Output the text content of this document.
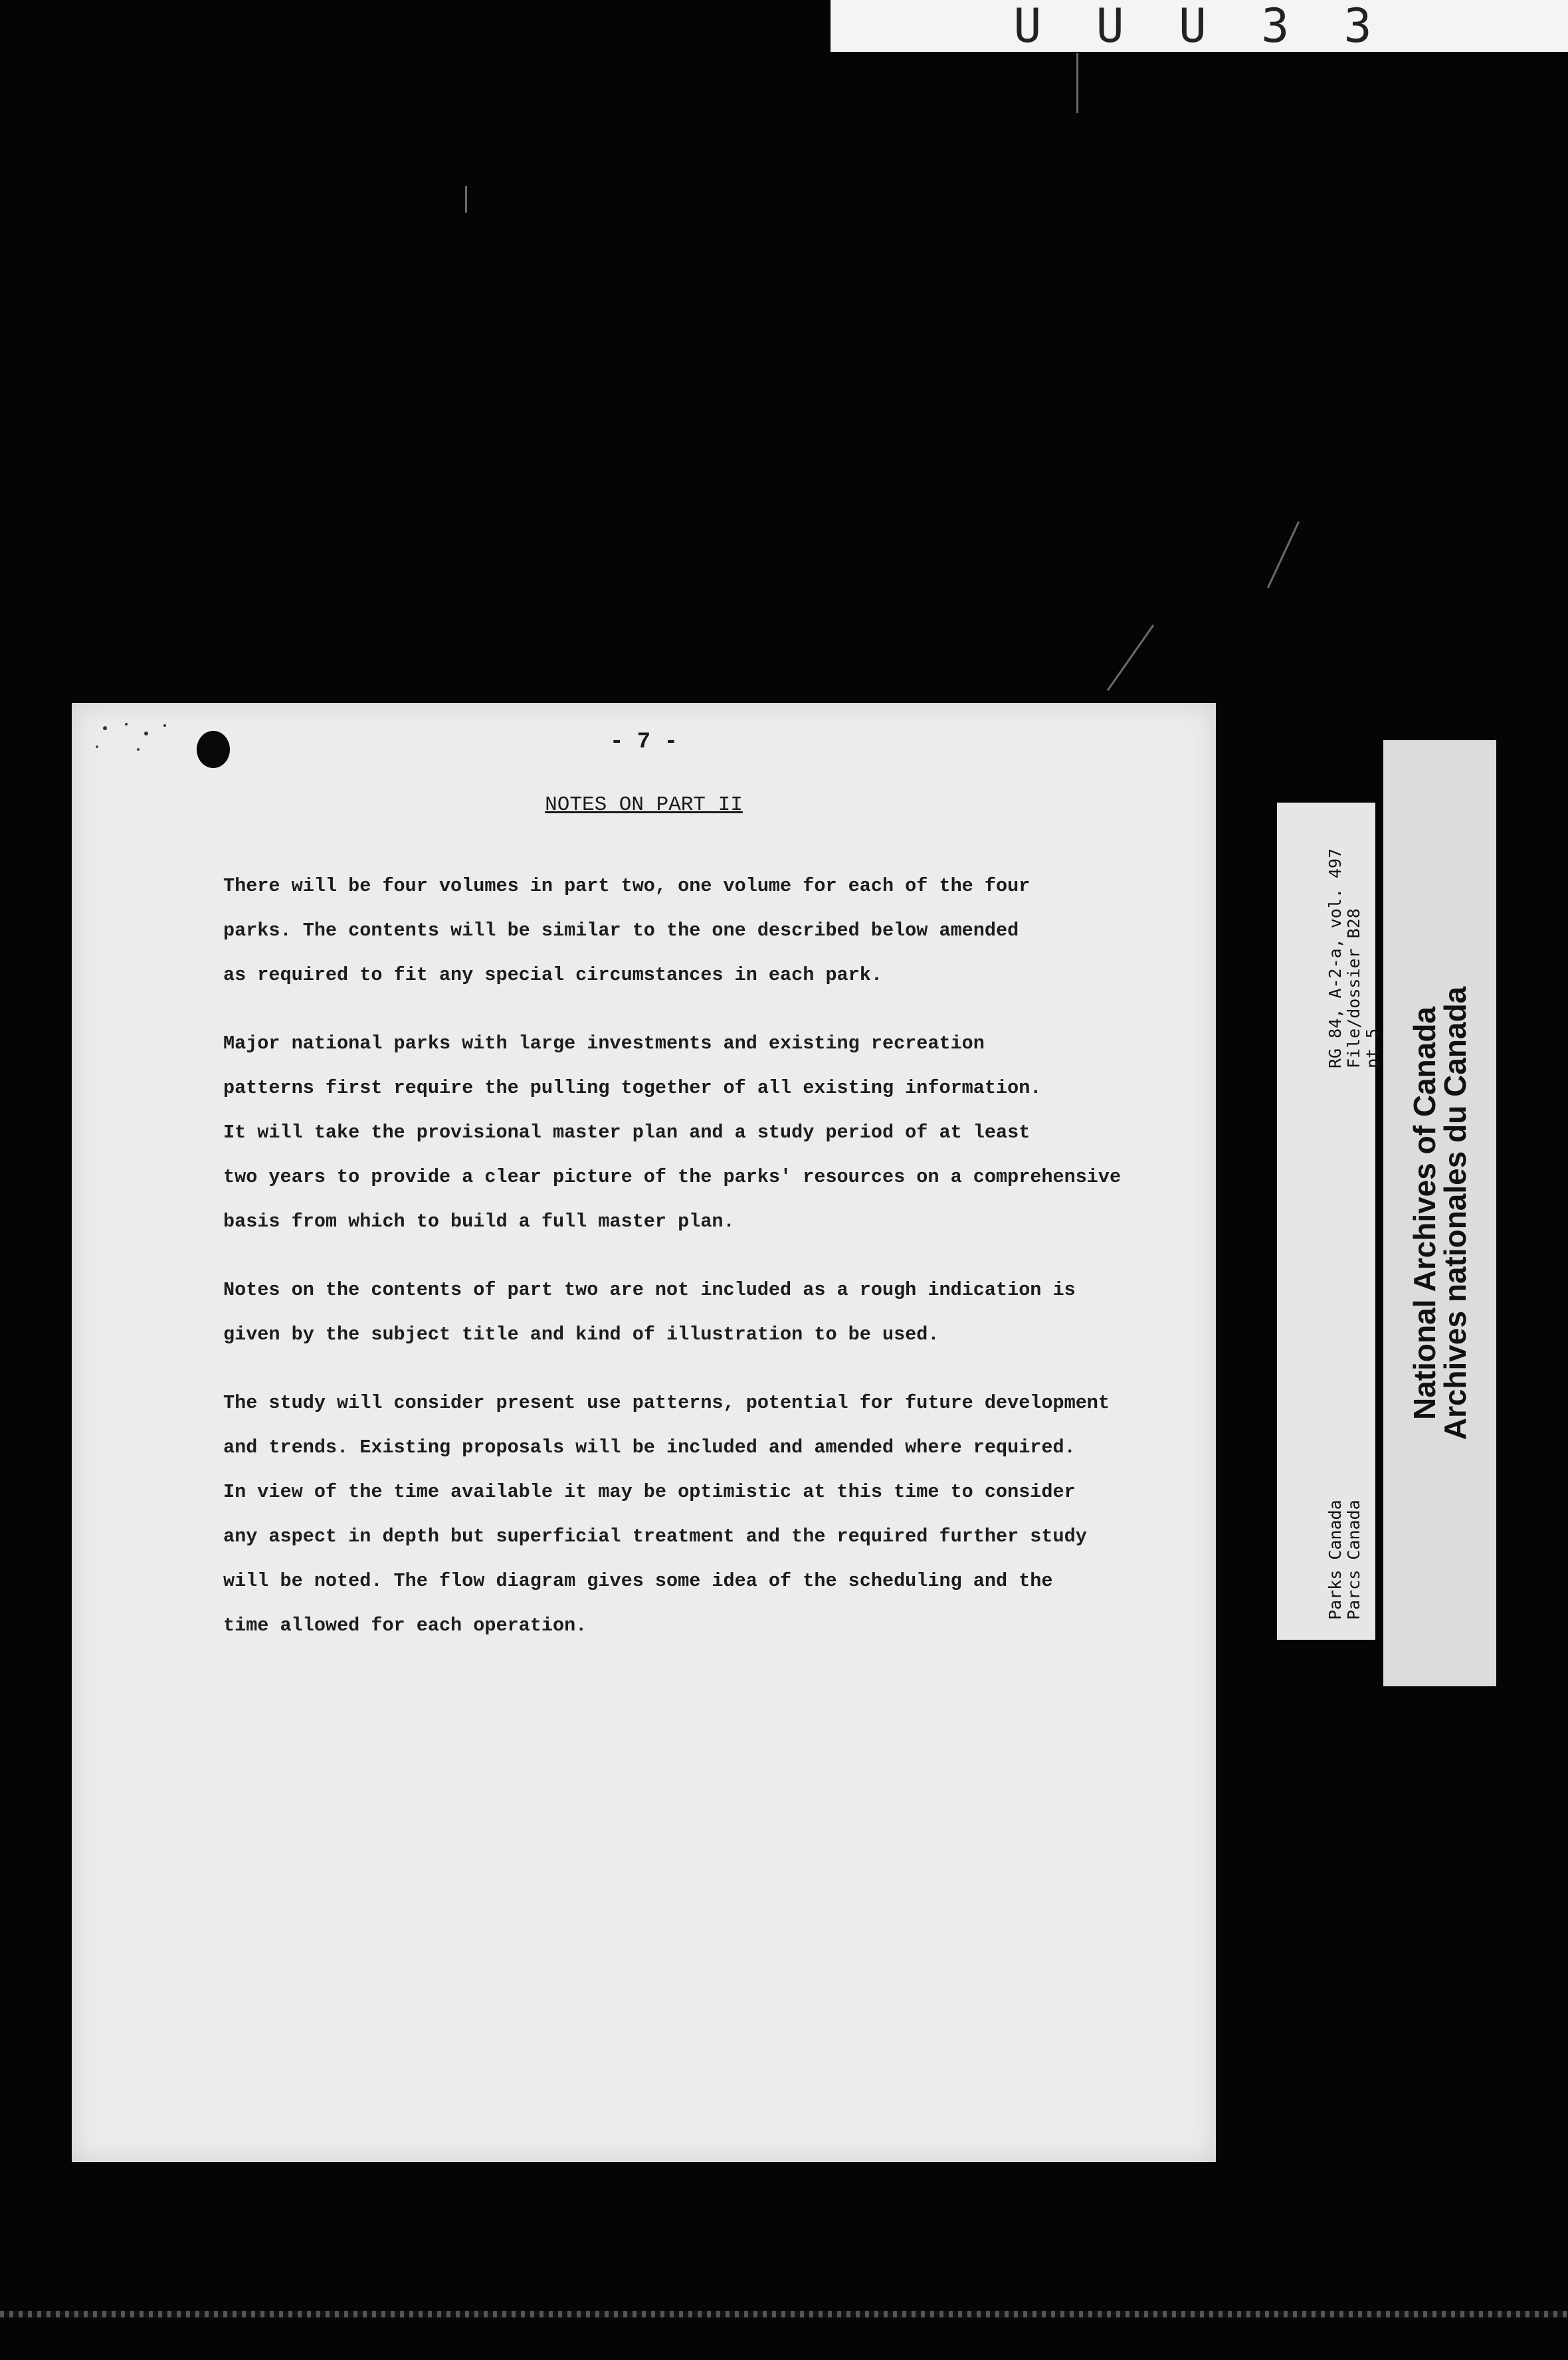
U U U 3 3
- 7 -
NOTES ON PART II

There will be four volumes in part two, one volume for each of the four
parks. The contents will be similar to the one described below amended
as required to fit any special circumstances in each park.

Major national parks with large investments and existing recreation
patterns first require the pulling together of all existing information.
It will take the provisional master plan and a study period of at least
two years to provide a clear picture of the parks' resources on a comprehensive
basis from which to build a full master plan.

Notes on the contents of part two are not included as a rough indication is
given by the subject title and kind of illustration to be used.

The study will consider present use patterns, potential for future development
and trends. Existing proposals will be included and amended where required.
In view of the time available it may be optimistic at this time to consider
any aspect in depth but superficial treatment and the required further study
will be noted. The flow diagram gives some idea of the scheduling and the
time allowed for each operation.

Parks Canada Parcs Canada
RG 84, A-2-a, vol. 497 File/dossier B28 pt 5 National Archives of Canada
Archives nationales du Canada
